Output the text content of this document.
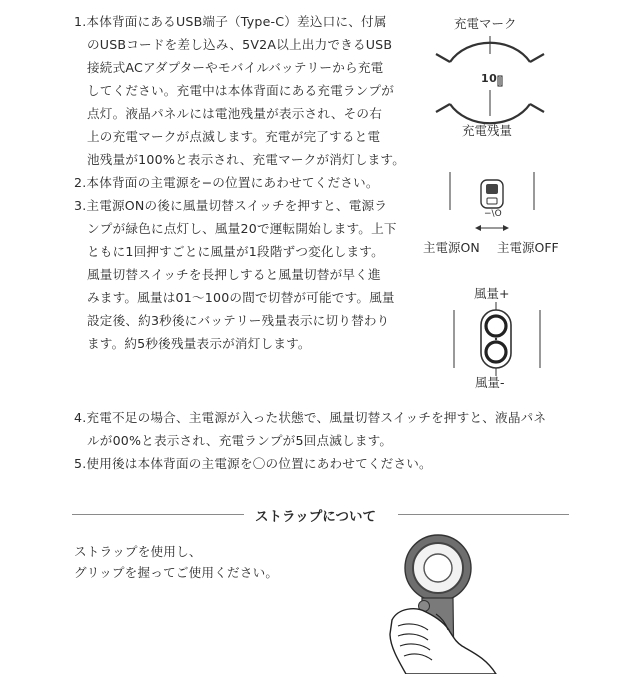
1.本体背面にあるUSB端子（Type-C）差込口に、付属
のUSBコードを差し込み、5V2A以上出力できるUSB
接続式ACアダプターやモバイルバッテリーから充電
してください。充電中は本体背面にある充電ランプが
点灯。液晶パネルには電池残量が表示され、その右
上の充電マークが点滅します。充電が完了すると電
池残量が100%と表示され、充電マークが消灯します。
2.本体背面の主電源を−の位置にあわせてください。
3.主電源ONの後に風量切替スイッチを押すと、電源ラ
ンプが緑色に点灯し、風量20で運転開始します。上下
ともに1回押すごとに風量が1段階ずつ変化します。
風量切替スイッチを長押しすると風量切替が早く進
みます。風量は01〜100の間で切替が可能です。風量
設定後、約3秒後にバッテリー残量表示に切り替わり
ます。約5秒後残量表示が消灯します。
4.充電不足の場合、主電源が入った状態で、風量切替スイッチを押すと、液晶パネ
ルが00%と表示され、充電ランプが5回点滅します。
5.使用後は本体背面の主電源を〇の位置にあわせてください。
充電マーク
10
充電残量
−\O
主電源ON 主電源OFF
風量+
風量-
ストラップについて
ストラップを使用し、
グリップを握ってご使用ください。
